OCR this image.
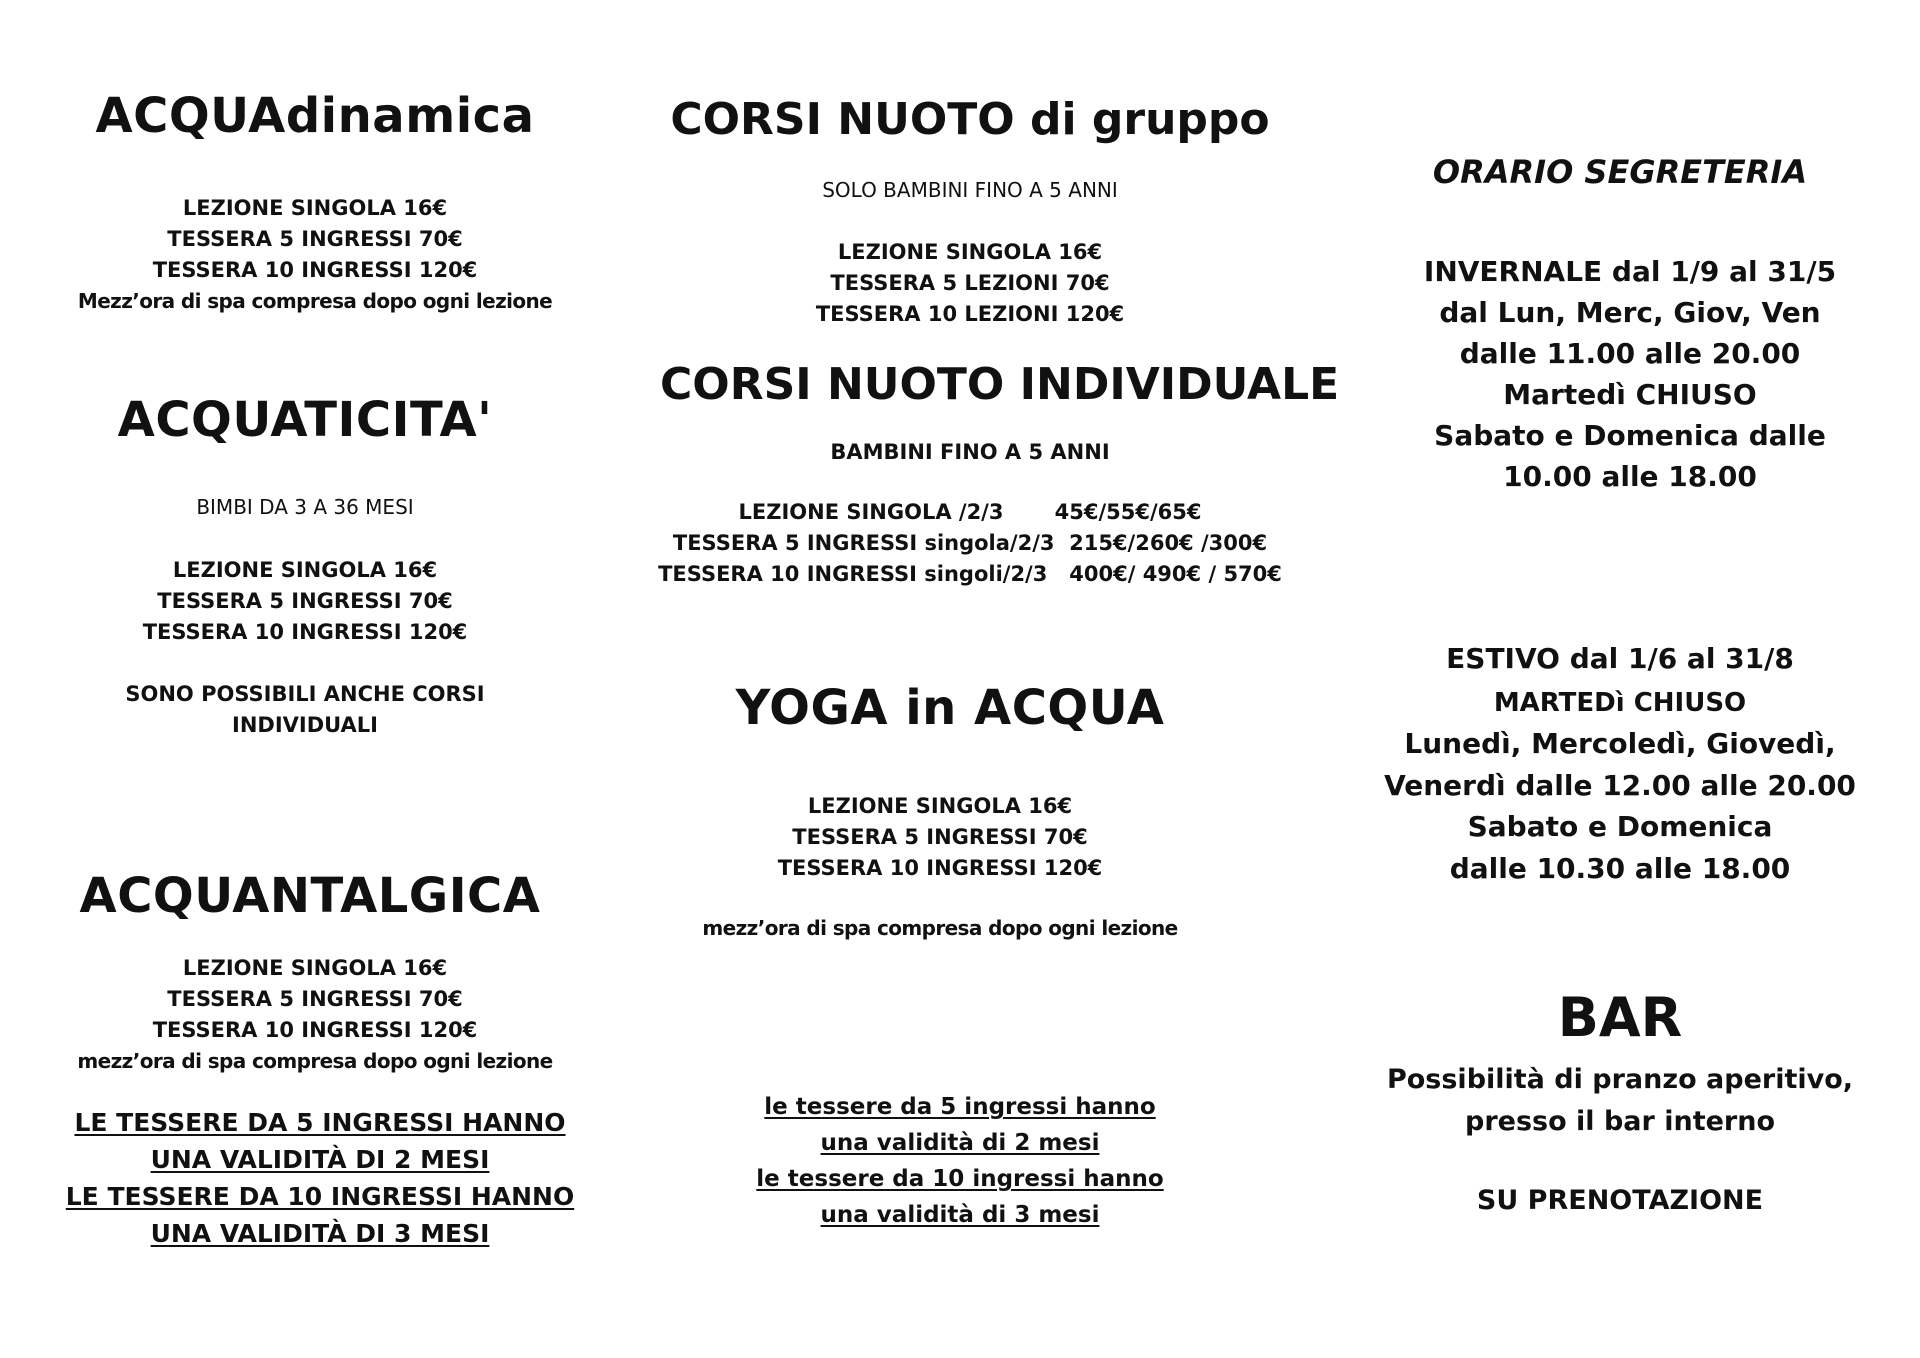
ACQUAdinamica
LEZIONE SINGOLA 16€
TESSERA 5 INGRESSI 70€
TESSERA 10 INGRESSI 120€
Mezz’ora di spa compresa dopo ogni lezione
ACQUATICITA'
BIMBI DA 3 A 36 MESI
LEZIONE SINGOLA 16€
TESSERA 5 INGRESSI 70€
TESSERA 10 INGRESSI 120€
SONO POSSIBILI ANCHE CORSI
INDIVIDUALI
ACQUANTALGICA
LEZIONE SINGOLA 16€
TESSERA 5 INGRESSI 70€
TESSERA 10 INGRESSI 120€
mezz’ora di spa compresa dopo ogni lezione
LE TESSERE DA 5 INGRESSI HANNO
UNA VALIDITÀ DI 2 MESI
LE TESSERE DA 10 INGRESSI HANNO
UNA VALIDITÀ DI 3 MESI
CORSI NUOTO di gruppo
SOLO BAMBINI FINO A 5 ANNI
LEZIONE SINGOLA 16€
TESSERA 5 LEZIONI 70€
TESSERA 10 LEZIONI 120€
CORSI NUOTO INDIVIDUALE
BAMBINI FINO A 5 ANNI
LEZIONE SINGOLA /2/3       45€/55€/65€
TESSERA 5 INGRESSI singola/2/3  215€/260€ /300€
TESSERA 10 INGRESSI singoli/2/3   400€/ 490€ / 570€
YOGA in ACQUA
LEZIONE SINGOLA 16€
TESSERA 5 INGRESSI 70€
TESSERA 10 INGRESSI 120€
mezz’ora di spa compresa dopo ogni lezione
le tessere da 5 ingressi hanno
una validità di 2 mesi
le tessere da 10 ingressi hanno
una validità di 3 mesi
ORARIO SEGRETERIA
INVERNALE dal 1/9 al 31/5
dal Lun, Merc, Giov, Ven
dalle 11.00 alle 20.00
Martedì CHIUSO
Sabato e Domenica dalle
10.00 alle 18.00
ESTIVO dal 1/6 al 31/8
MARTEDì CHIUSO
Lunedì, Mercoledì, Giovedì,
Venerdì dalle 12.00 alle 20.00
Sabato e Domenica
dalle 10.30 alle 18.00
BAR
Possibilità di pranzo aperitivo,
presso il bar interno
SU PRENOTAZIONE
